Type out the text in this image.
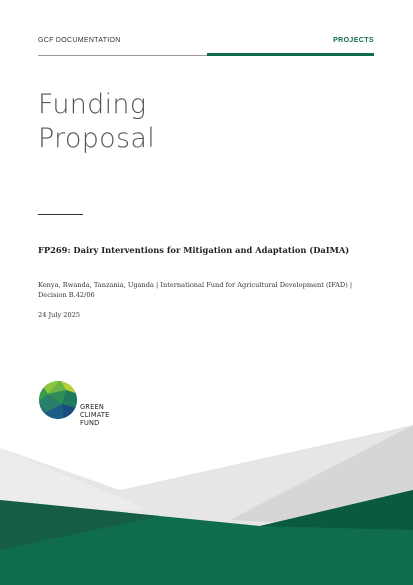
GCF DOCUMENTATION	PROJECTS
Funding
Proposal
FP269: Dairy Interventions for Mitigation and Adaptation (DaIMA)
Kenya, Rwanda, Tanzania, Uganda | International Fund for Agricultural Development (IFAD) | Decision B.42/06
24 July 2025
GREEN
CLIMATE
FUND
